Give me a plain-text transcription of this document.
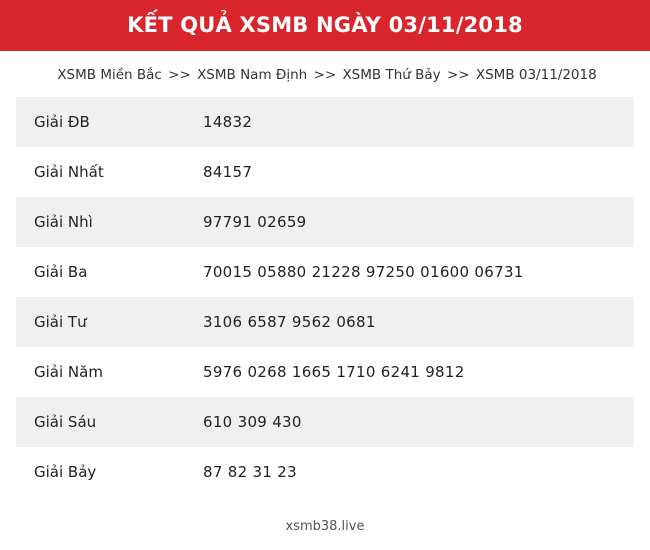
KẾT QUẢ XSMB NGÀY 03/11/2018
XSMB Miền Bắc >> XSMB Nam Định >> XSMB Thứ Bảy >> XSMB 03/11/2018
Giải ĐB	14832
Giải Nhất	84157
Giải Nhì	97791 02659
Giải Ba	70015 05880 21228 97250 01600 06731
Giải Tư	3106 6587 9562 0681
Giải Năm	5976 0268 1665 1710 6241 9812
Giải Sáu	610 309 430
Giải Bảy	87 82 31 23
xsmb38.live
